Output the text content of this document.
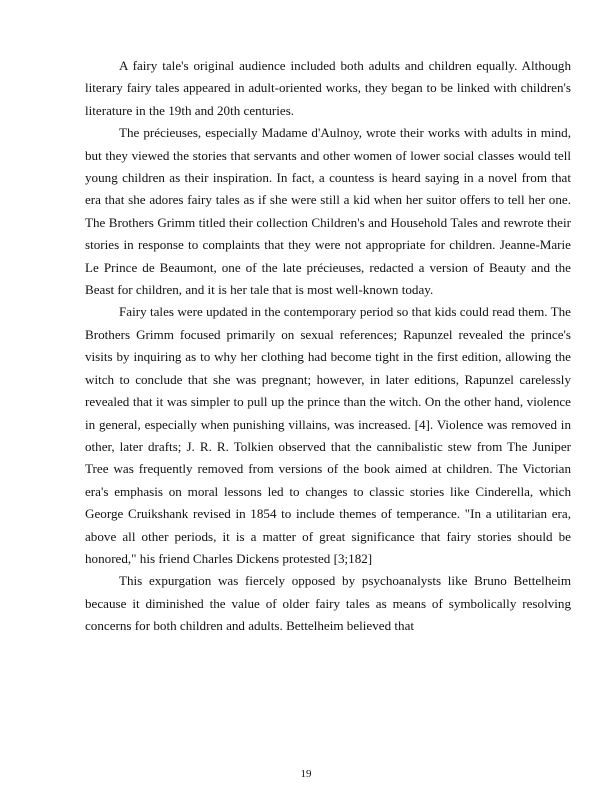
A fairy tale's original audience included both adults and children equally. Although literary fairy tales appeared in adult-oriented works, they began to be linked with children's literature in the 19th and 20th centuries.

The précieuses, especially Madame d'Aulnoy, wrote their works with adults in mind, but they viewed the stories that servants and other women of lower social classes would tell young children as their inspiration. In fact, a countess is heard saying in a novel from that era that she adores fairy tales as if she were still a kid when her suitor offers to tell her one. The Brothers Grimm titled their collection Children's and Household Tales and rewrote their stories in response to complaints that they were not appropriate for children. Jeanne-Marie Le Prince de Beaumont, one of the late précieuses, redacted a version of Beauty and the Beast for children, and it is her tale that is most well-known today.

Fairy tales were updated in the contemporary period so that kids could read them. The Brothers Grimm focused primarily on sexual references; Rapunzel revealed the prince's visits by inquiring as to why her clothing had become tight in the first edition, allowing the witch to conclude that she was pregnant; however, in later editions, Rapunzel carelessly revealed that it was simpler to pull up the prince than the witch. On the other hand, violence in general, especially when punishing villains, was increased. [4]. Violence was removed in other, later drafts; J. R. R. Tolkien observed that the cannibalistic stew from The Juniper Tree was frequently removed from versions of the book aimed at children. The Victorian era's emphasis on moral lessons led to changes to classic stories like Cinderella, which George Cruikshank revised in 1854 to include themes of temperance. "In a utilitarian era, above all other periods, it is a matter of great significance that fairy stories should be honored," his friend Charles Dickens protested [3;182]

This expurgation was fiercely opposed by psychoanalysts like Bruno Bettelheim because it diminished the value of older fairy tales as means of symbolically resolving concerns for both children and adults. Bettelheim believed that

19
